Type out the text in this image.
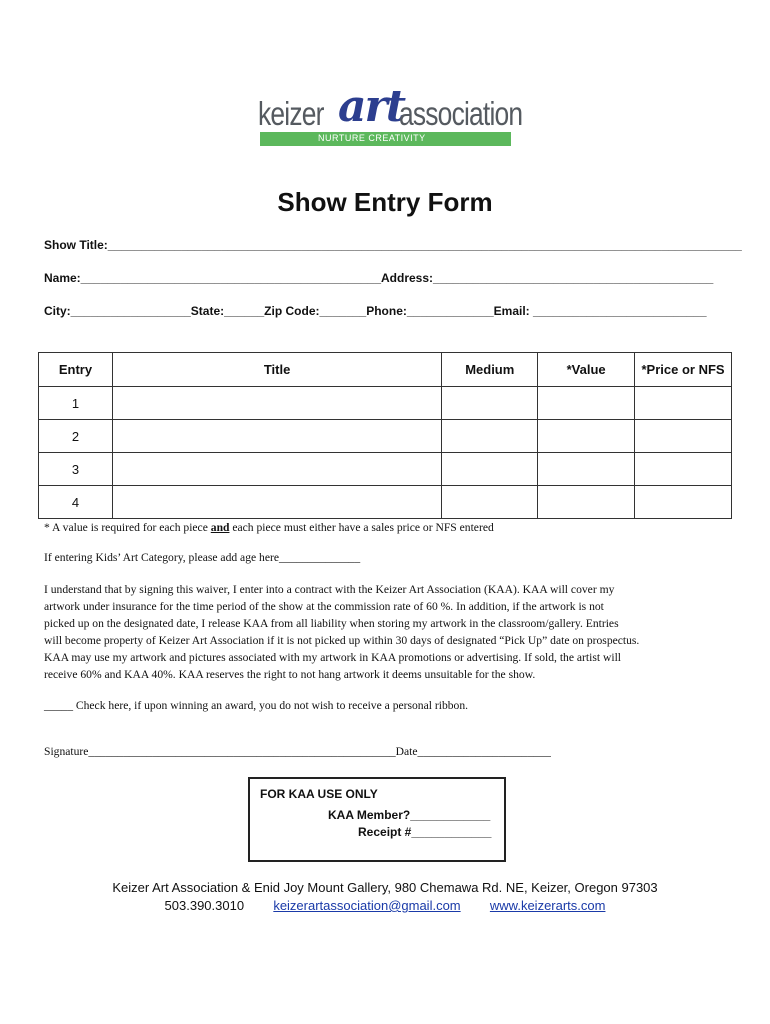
keizer art
association
NURTURE CREATIVITY
Show Entry Form
Show Title:_______________________________________________________________________________________________
Name:_____________________________________________Address:__________________________________________
City:__________________State:______Zip Code:_______Phone:_____________Email: __________________________
Entry	Title	Medium	*Value	*Price or NFS
1				
2				
3				
4				
* A value is required for each piece and each piece must either have a sales price or NFS entered
If entering Kids’ Art Category, please add age here______________
I understand that by signing this waiver, I enter into a contract with the Keizer Art Association (KAA). KAA will cover my
artwork under insurance for the time period of the show at the commission rate of 60 %. In addition, if the artwork is not
picked up on the designated date, I release KAA from all liability when storing my artwork in the classroom/gallery. Entries
will become property of Keizer Art Association if it is not picked up within 30 days of designated “Pick Up” date on prospectus.
KAA may use my artwork and pictures associated with my artwork in KAA promotions or advertising. If sold, the artist will
receive 60% and KAA 40%. KAA reserves the right to not hang artwork it deems unsuitable for the show.
_____ Check here, if upon winning an award, you do not wish to receive a personal ribbon.
Signature_____________________________________________________Date_______________________
FOR KAA USE ONLY
KAA Member?____________
Receipt #____________
Keizer Art Association & Enid Joy Mount Gallery, 980 Chemawa Rd. NE, Keizer, Oregon 97303
503.390.3010 keizerartassociation@gmail.com www.keizerarts.com
